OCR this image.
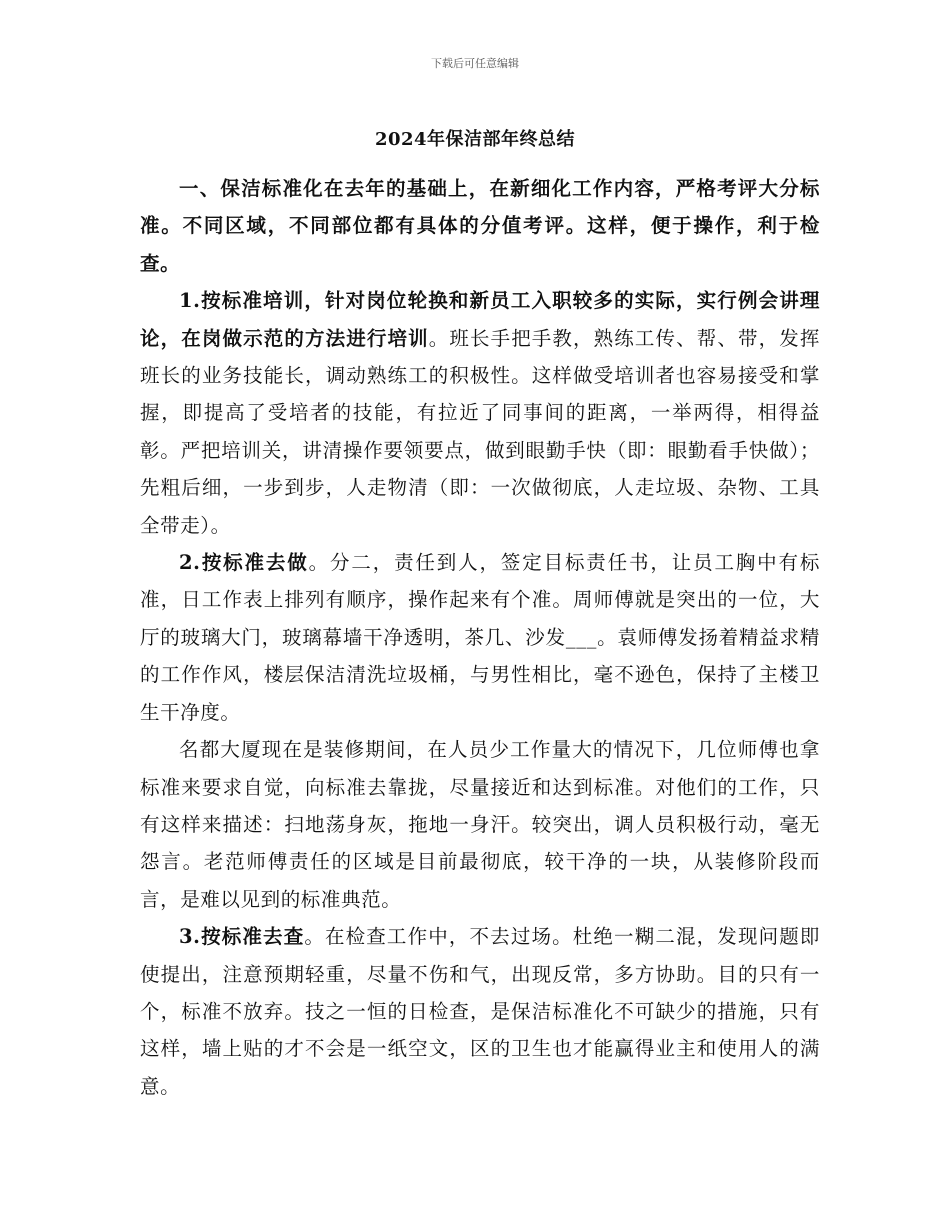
下载后可任意编辑
2024年保洁部年终总结

一、保洁标准化在去年的基础上，在新细化工作内容，严格考评大分标准。不同区域，不同部位都有具体的分值考评。这样，便于操作，利于检查。

1.按标准培训，针对岗位轮换和新员工入职较多的实际，实行例会讲理论，在岗做示范的方法进行培训。班长手把手教，熟练工传、帮、带，发挥班长的业务技能长，调动熟练工的积极性。这样做受培训者也容易接受和掌握，即提高了受培者的技能，有拉近了同事间的距离，一举两得，相得益彰。严把培训关，讲清操作要领要点，做到眼勤手快（即：眼勤看手快做）；先粗后细，一步到步，人走物清（即：一次做彻底，人走垃圾、杂物、工具全带走）。

2.按标准去做。分二，责任到人，签定目标责任书，让员工胸中有标准，日工作表上排列有顺序，操作起来有个准。周师傅就是突出的一位，大厅的玻璃大门，玻璃幕墙干净透明，茶几、沙发___。袁师傅发扬着精益求精的工作作风，楼层保洁清洗垃圾桶，与男性相比，毫不逊色，保持了主楼卫生干净度。

名都大厦现在是装修期间，在人员少工作量大的情况下，几位师傅也拿标准来要求自觉，向标准去靠拢，尽量接近和达到标准。对他们的工作，只有这样来描述：扫地荡身灰，拖地一身汗。较突出，调人员积极行动，毫无怨言。老范师傅责任的区域是目前最彻底，较干净的一块，从装修阶段而言，是难以见到的标准典范。

3.按标准去查。在检查工作中，不去过场。杜绝一糊二混，发现问题即使提出，注意预期轻重，尽量不伤和气，出现反常，多方协助。目的只有一个，标准不放弃。技之一恒的日检查，是保洁标准化不可缺少的措施，只有这样，墙上贴的才不会是一纸空文，区的卫生也才能赢得业主和使用人的满意。
